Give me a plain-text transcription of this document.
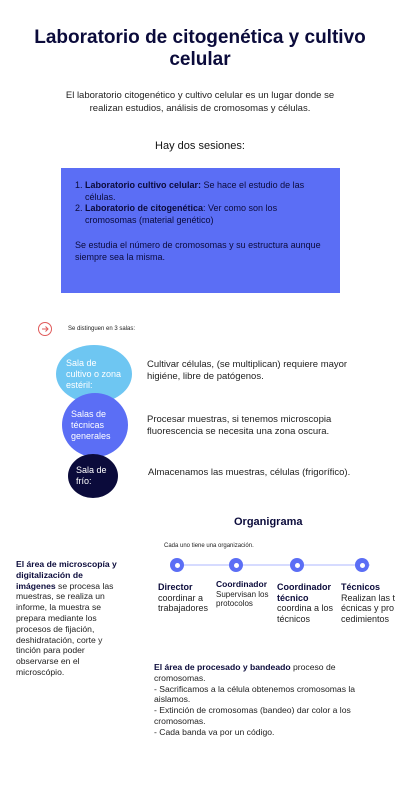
Laboratorio de citogenética y cultivo celular

El laboratorio citogenético y cultivo celular es un lugar donde se realizan estudios, análisis de cromosomas y células.

Hay dos sesiones:

1. Laboratorio cultivo celular: Se hace el estudio de las células.
2. Laboratorio de citogenética: Ver como son los cromosomas (material genético)

Se estudia el número de cromosomas y su estructura aunque siempre sea la misma.

Se distinguen en 3 salas:

Sala de cultivo o zona estéril:

Cultivar células, (se multiplican) requiere mayor higiéne, libre de patógenos.

Salas de técnicas generales

Procesar muestras, si tenemos microscopia fluorescencia se necesita una zona oscura.

Sala de frío:

Almacenamos las muestras, células (frigorífico).

Organigrama

Cada uno tiene una organización.

Director

coordinar a trabajadores

Coordinador

Supervisan los protocolos

Coordinador técnico

coordina a los técnicos

Técnicos

Realizan las técnicas y procedimientos

El área de microscopía y digitalización de imágenes se procesa las muestras, se realiza un informe, la muestra se prepara mediante los procesos de fijación, deshidratación, corte y tinción para poder observarse en el microscópio.	El área de procesado y bandeado proceso de cromosomas.

- Sacrificamos a la célula obtenemos cromosomas la aislamos.

- Extinción de cromosomas (bandeo) dar color a los cromosomas.

- Cada banda va por un código.
